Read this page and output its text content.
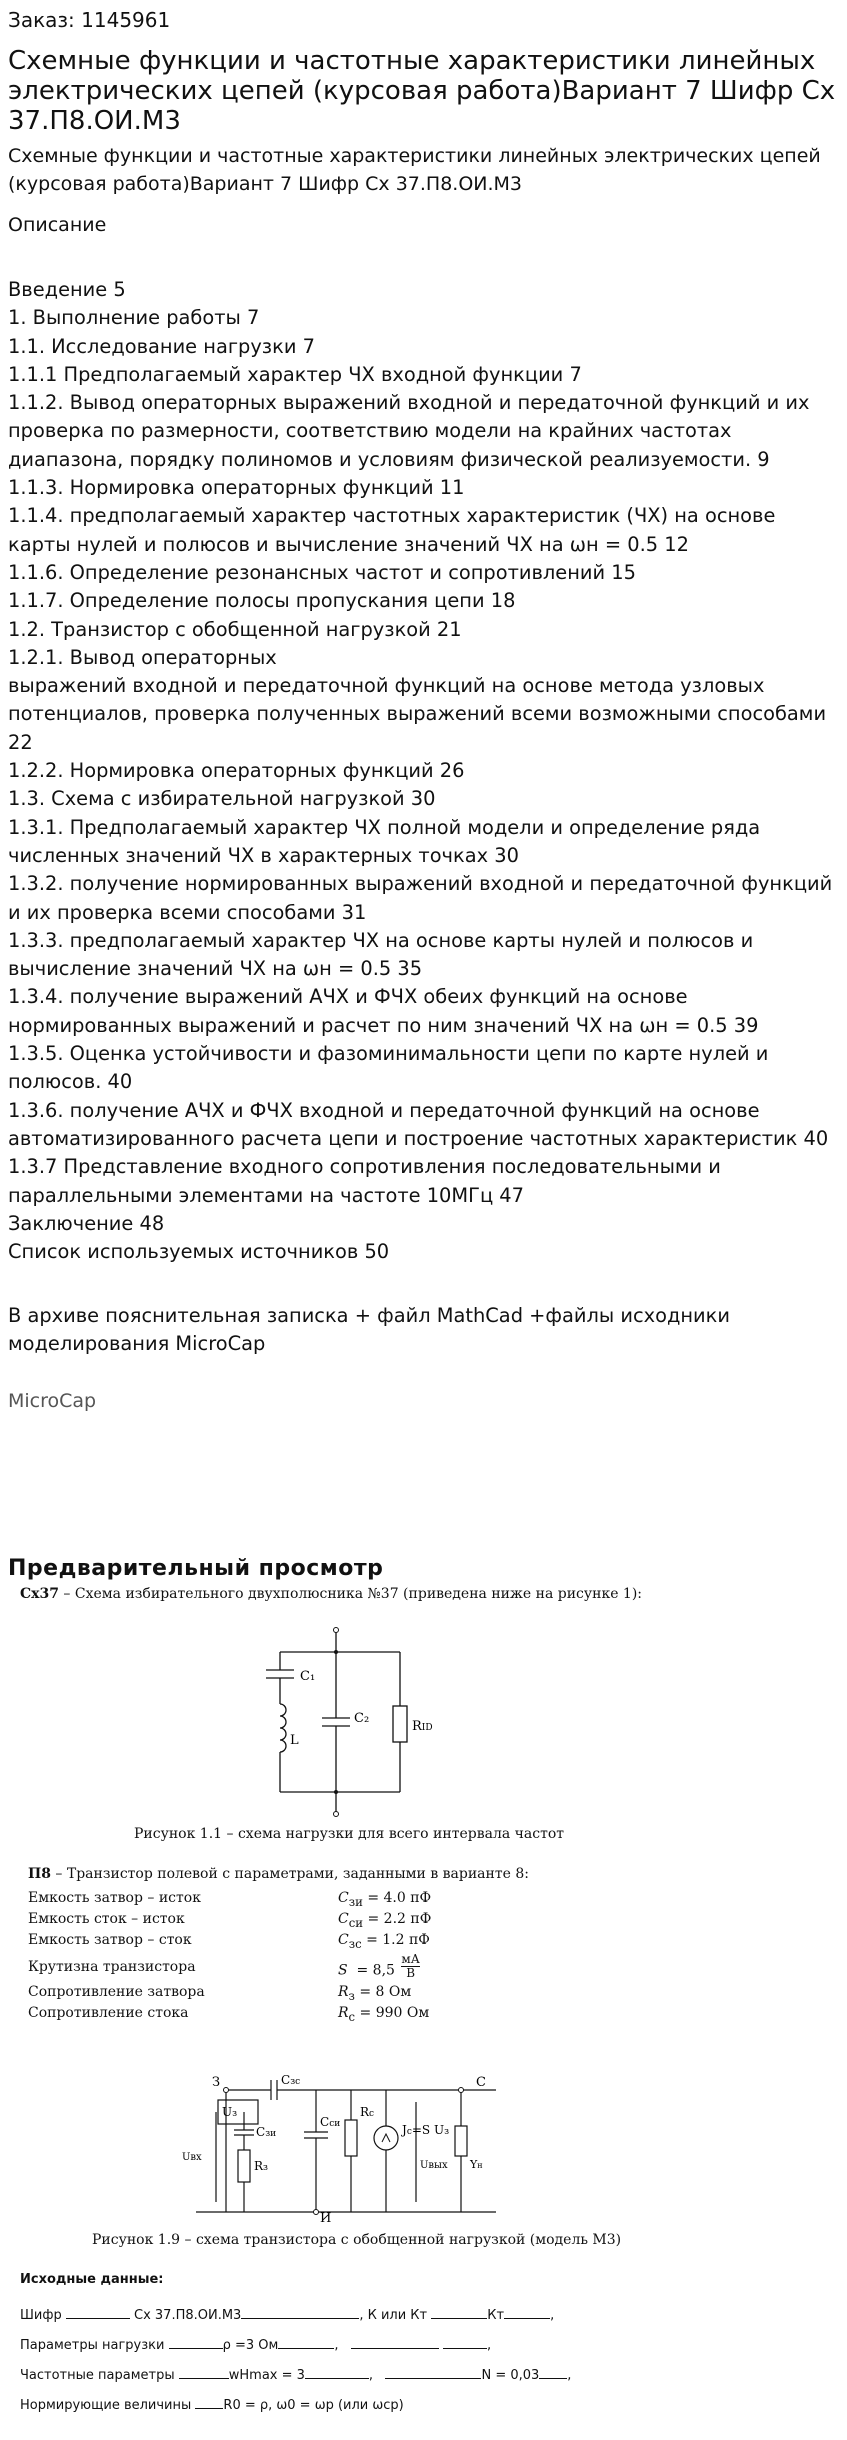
Заказ: 1145961
Схемные функции и частотные характеристики линейных электрических цепей (курсовая работа)Вариант 7 Шифр Сх 37.П8.ОИ.М3
Схемные функции и частотные характеристики линейных электрических цепей (курсовая работа)Вариант 7 Шифр Сх 37.П8.ОИ.М3
Описание
Введение 5
1. Выполнение работы 7
1.1. Исследование нагрузки 7
1.1.1 Предполагаемый характер ЧХ входной функции 7
1.1.2. Вывод операторных выражений входной и передаточной функций и их проверка по размерности, соответствию модели на крайних частотах диапазона, порядку полиномов и условиям физической реализуемости. 9
1.1.3. Нормировка операторных функций 11
1.1.4. предполагаемый характер частотных характеристик (ЧХ) на основе карты нулей и полюсов и вычисление значений ЧХ на ωн = 0.5 12
1.1.6. Определение резонансных частот и сопротивлений 15
1.1.7. Определение полосы пропускания цепи 18
1.2. Транзистор с обобщенной нагрузкой 21
1.2.1. Вывод операторных
выражений входной и передаточной функций на основе метода узловых потенциалов, проверка полученных выражений всеми возможными способами 22
1.2.2. Нормировка операторных функций 26
1.3. Схема с избирательной нагрузкой 30
1.3.1. Предполагаемый характер ЧХ полной модели и определение ряда численных значений ЧХ в характерных точках 30
1.3.2. получение нормированных выражений входной и передаточной функций и их проверка всеми способами 31
1.3.3. предполагаемый характер ЧХ на основе карты нулей и полюсов и вычисление значений ЧХ на ωн = 0.5 35
1.3.4. получение выражений АЧХ и ФЧХ обеих функций на основе нормированных выражений и расчет по ним значений ЧХ на ωн = 0.5 39
1.3.5. Оценка устойчивости и фазоминимальности цепи по карте нулей и полюсов. 40
1.3.6. получение АЧХ и ФЧХ входной и передаточной функций на основе автоматизированного расчета цепи и построение частотных характеристик 40
1.3.7 Представление входного сопротивления последовательными и параллельными элементами на частоте 10МГц 47
Заключение 48
Список используемых источников 50
В архиве пояснительная записка + файл MathCad +файлы исходники моделирования MicroCap
MicroCap
Предварительный просмотр
Сх37 – Схема избирательного двухполюсника №37 (приведена ниже на рисунке 1):
C₁
L
C₂
RID
Рисунок 1.1 – схема нагрузки для всего интервала частот
П8 – Транзистор полевой с параметрами, заданными в варианте 8:
Емкость затвор – исток	$C_{зи} = 4.0$ пФ
Емкость сток – исток	$C_{си} = 2.2$ пФ
Емкость затвор – сток	$C_{зс} = 1.2$ пФ
Крутизна транзистора	S = 8,5
мА
В
Сопротивление затвора	$R_з = 8$ Ом
Сопротивление стока	$R_с = 990$ Ом
З	С
И
Cзс
Uз
Cзи
Rз
Cси
Rс
Jc=S Uз
Uвх
Uвых Yн
Рисунок 1.9 – схема транзистора с обобщенной нагрузкой (модель М3)
Исходные данные:
Шифр	Сх 37.П8.ОИ.М3	, К или Кт	Кт	,
Параметры нагрузки	ρ =3 Ом	,	,
Частотные параметры	wHmax = 3	,	N = 0,03 ,
Нормирующие величины R0 = ρ, ω0 = ωр (или ωср)
